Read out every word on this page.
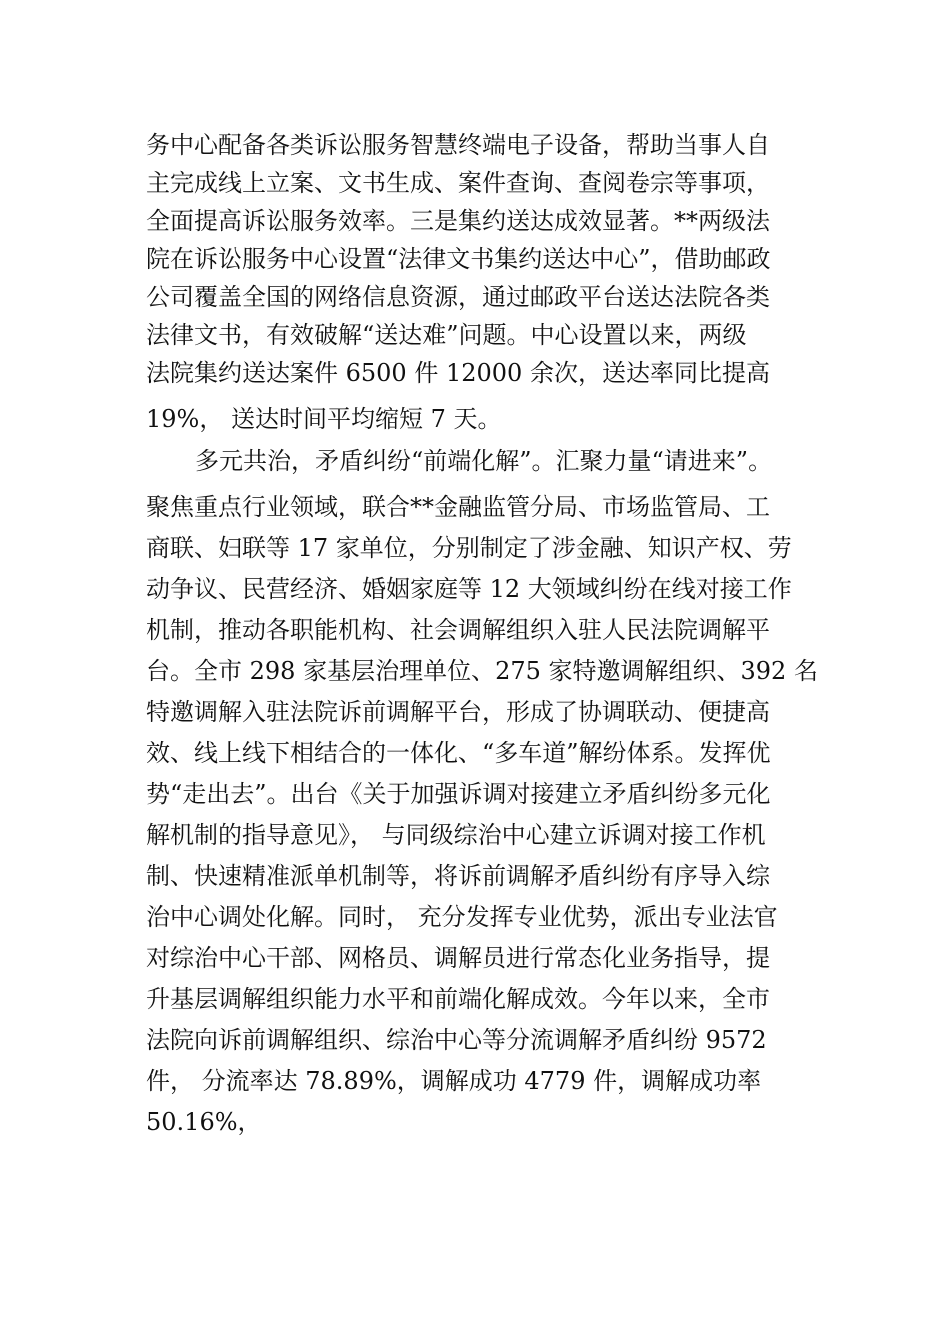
务中心配备各类诉讼服务智慧终端电子设备，帮助当事人自
主完成线上立案、文书生成、案件查询、查阅卷宗等事项，
全面提高诉讼服务效率。三是集约送达成效显著。**两级法
院在诉讼服务中心设置“法律文书集约送达中心”，借助邮政
公司覆盖全国的网络信息资源，通过邮政平台送达法院各类
法律文书，有效破解“送达难”问题。中心设置以来，两级
法院集约送达案件 6500 件 12000 余次，送达率同比提高
19%， 送达时间平均缩短 7 天。
多元共治，矛盾纠纷“前端化解”。汇聚力量“请进来”。
聚焦重点行业领域，联合**金融监管分局、市场监管局、工
商联、妇联等 17 家单位，分别制定了涉金融、知识产权、劳
动争议、民营经济、婚姻家庭等 12 大领域纠纷在线对接工作
机制，推动各职能机构、社会调解组织入驻人民法院调解平
台。全市 298 家基层治理单位、275 家特邀调解组织、392 名
特邀调解入驻法院诉前调解平台，形成了协调联动、便捷高
效、线上线下相结合的一体化、“多车道”解纷体系。发挥优
势“走出去”。出台《关于加强诉调对接建立矛盾纠纷多元化
解机制的指导意见》， 与同级综治中心建立诉调对接工作机
制、快速精准派单机制等，将诉前调解矛盾纠纷有序导入综
治中心调处化解。同时， 充分发挥专业优势，派出专业法官
对综治中心干部、网格员、调解员进行常态化业务指导，提
升基层调解组织能力水平和前端化解成效。今年以来，全市
法院向诉前调解组织、综治中心等分流调解矛盾纠纷 9572
件， 分流率达 78.89%，调解成功 4779 件，调解成功率
50.16%，
